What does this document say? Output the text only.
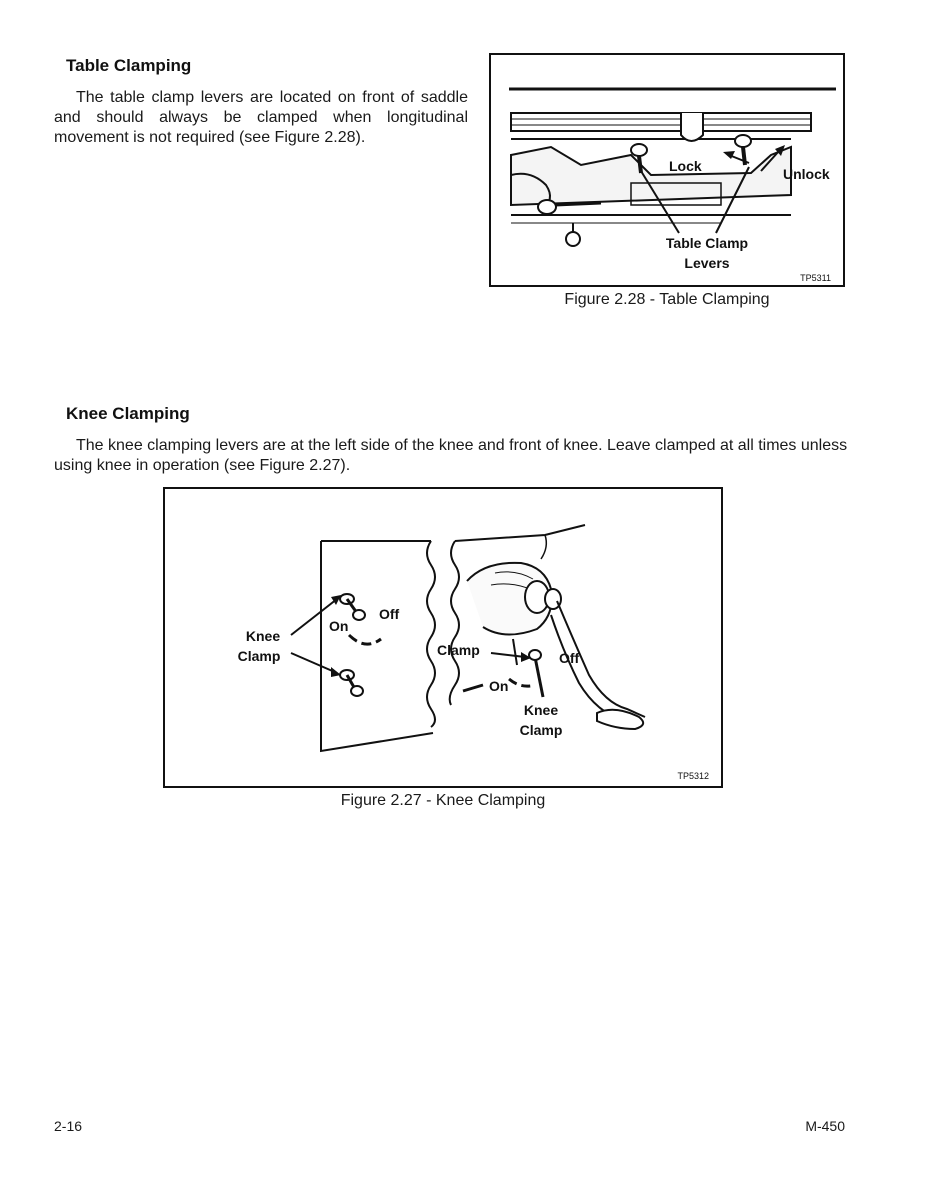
Table Clamping

The table clamp levers are located on front of saddle and should always be clamped when longitudinal movement is not required (see Figure 2.28).

Lock	Unlock
Table Clamp
Levers
TP5311
Figure 2.28 - Table Clamping
Knee Clamping

The knee clamping levers are at the left side of the knee and front of knee. Leave clamped at all times unless using knee in operation (see Figure 2.27).

Knee
Clamp
On
Off
Clamp	Off
On
Knee
Clamp
TP5312
Figure 2.27 - Knee Clamping
2-16	M-450
